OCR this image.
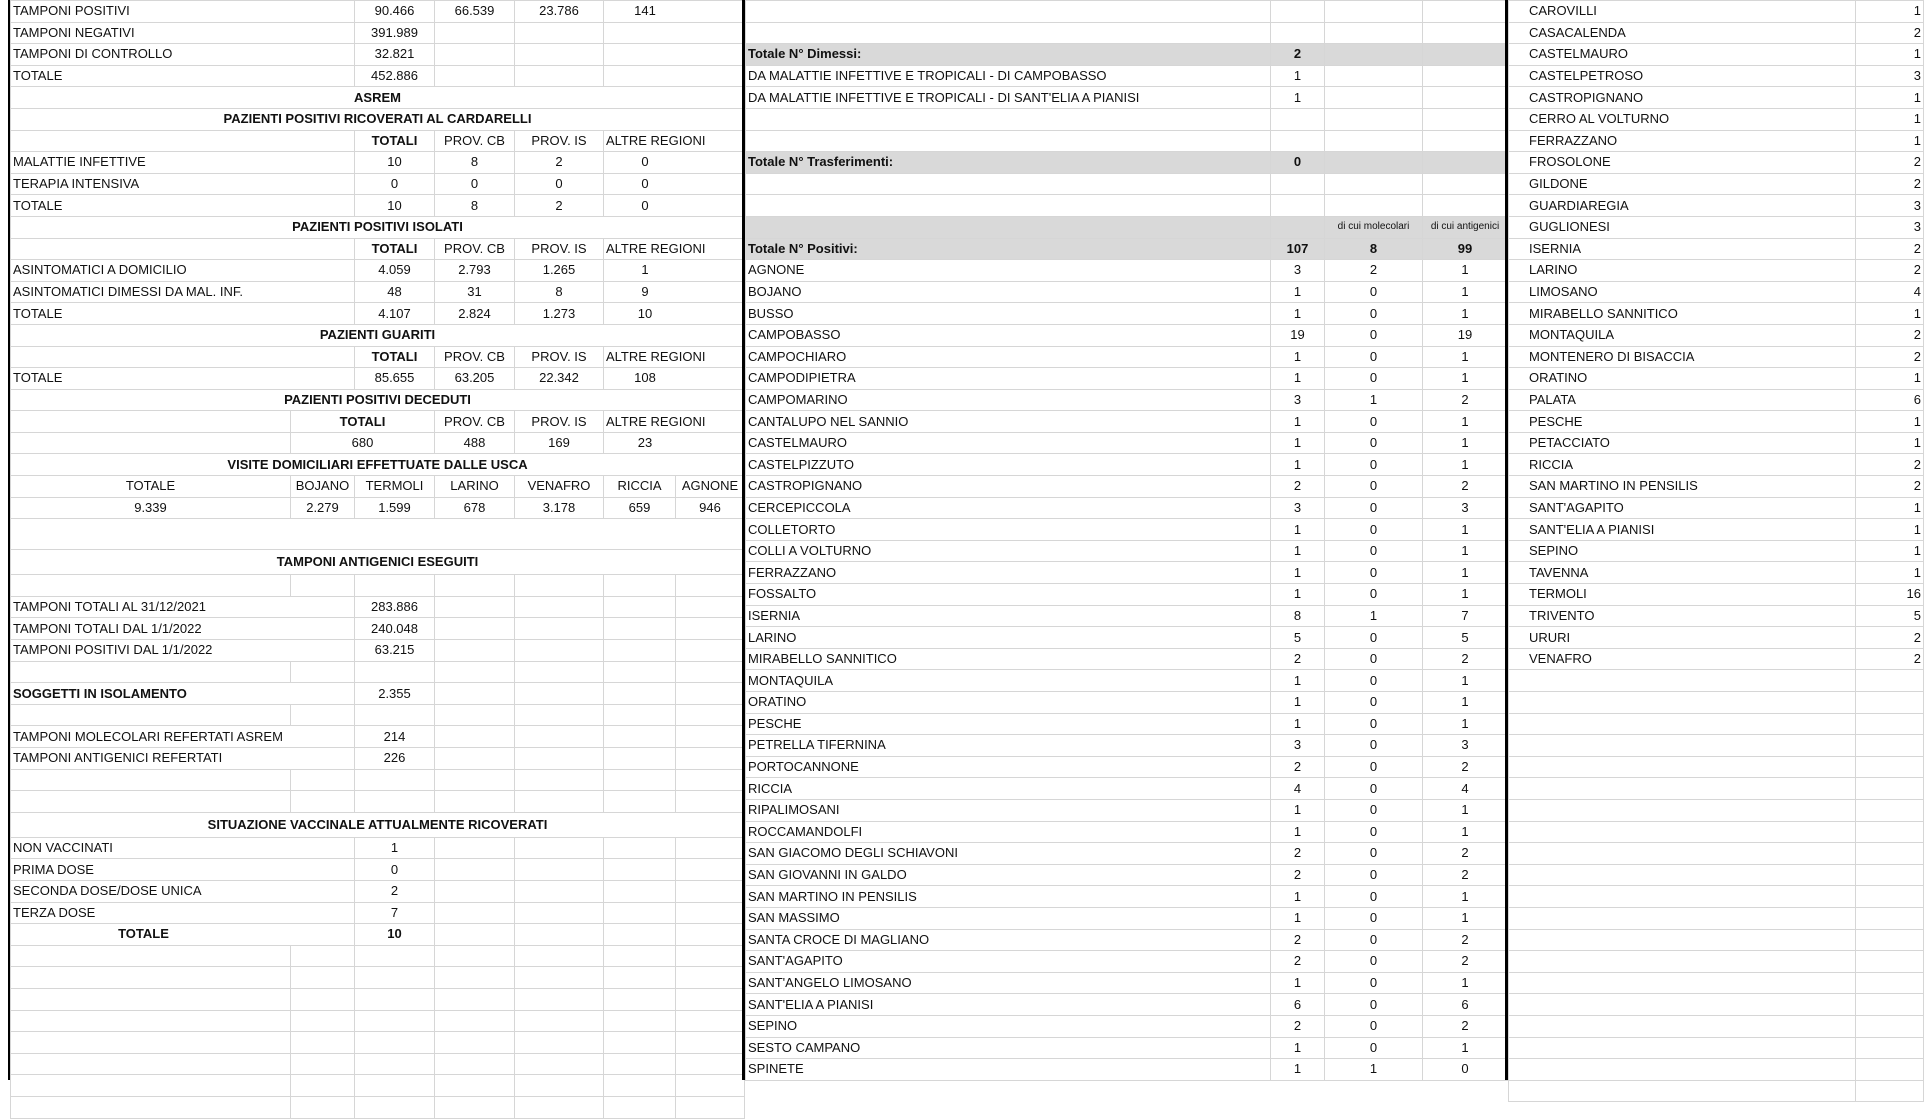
TAMPONI POSITIVI		90.466	66.539	23.786	141	
TAMPONI NEGATIVI		391.989				
TAMPONI DI CONTROLLO		32.821				
TOTALE		452.886				
ASREM						
PAZIENTI POSITIVI RICOVERATI AL CARDARELLI						
		TOTALI	PROV. CB	PROV. IS	ALTRE REGIONI	
MALATTIE INFETTIVE		10	8	2	0	
TERAPIA INTENSIVA		0	0	0	0	
TOTALE		10	8	2	0	
PAZIENTI POSITIVI ISOLATI						
		TOTALI	PROV. CB	PROV. IS	ALTRE REGIONI	
ASINTOMATICI A DOMICILIO		4.059	2.793	1.265	1	
ASINTOMATICI DIMESSI DA MAL. INF.		48	31	8	9	
TOTALE		4.107	2.824	1.273	10	
PAZIENTI GUARITI						
		TOTALI	PROV. CB	PROV. IS	ALTRE REGIONI	
TOTALE		85.655	63.205	22.342	108	
PAZIENTI POSITIVI DECEDUTI						
	TOTALI		PROV. CB	PROV. IS	ALTRE REGIONI	
	680		488	169	23	
VISITE DOMICILIARI EFFETTUATE DALLE USCA						
TOTALE	BOJANO	TERMOLI	LARINO	VENAFRO	RICCIA	AGNONE
9.339	2.279	1.599	678	3.178	659	946

TAMPONI ANTIGENICI ESEGUITI						

TAMPONI TOTALI AL 31/12/2021		283.886				
TAMPONI TOTALI DAL 1/1/2022		240.048				
TAMPONI POSITIVI DAL 1/1/2022		63.215				

SOGGETTI IN ISOLAMENTO		2.355				

TAMPONI MOLECOLARI REFERTATI ASREM		214				
TAMPONI ANTIGENICI REFERTATI		226				

SITUAZIONE VACCINALE ATTUALMENTE RICOVERATI						
NON VACCINATI		1				
PRIMA DOSE		0				
SECONDA DOSE/DOSE UNICA		2				
TERZA DOSE		7				
TOTALE		10				

Totale N° Dimessi:	2		
DA MALATTIE INFETTIVE E TROPICALI - DI CAMPOBASSO	1		
DA MALATTIE INFETTIVE E TROPICALI - DI SANT'ELIA A PIANISI	1		

Totale N° Trasferimenti:	0		

		di cui molecolari	di cui antigenici
Totale N° Positivi:	107	8	99
AGNONE	3	2	1
BOJANO	1	0	1
BUSSO	1	0	1
CAMPOBASSO	19	0	19
CAMPOCHIARO	1	0	1
CAMPODIPIETRA	1	0	1
CAMPOMARINO	3	1	2
CANTALUPO NEL SANNIO	1	0	1
CASTELMAURO	1	0	1
CASTELPIZZUTO	1	0	1
CASTROPIGNANO	2	0	2
CERCEPICCOLA	3	0	3
COLLETORTO	1	0	1
COLLI A VOLTURNO	1	0	1
FERRAZZANO	1	0	1
FOSSALTO	1	0	1
ISERNIA	8	1	7
LARINO	5	0	5
MIRABELLO SANNITICO	2	0	2
MONTAQUILA	1	0	1
ORATINO	1	0	1
PESCHE	1	0	1
PETRELLA TIFERNINA	3	0	3
PORTOCANNONE	2	0	2
RICCIA	4	0	4
RIPALIMOSANI	1	0	1
ROCCAMANDOLFI	1	0	1
SAN GIACOMO DEGLI SCHIAVONI	2	0	2
SAN GIOVANNI IN GALDO	2	0	2
SAN MARTINO IN PENSILIS	1	0	1
SAN MASSIMO	1	0	1
SANTA CROCE DI MAGLIANO	2	0	2
SANT'AGAPITO	2	0	2
SANT'ANGELO LIMOSANO	1	0	1
SANT'ELIA A PIANISI	6	0	6
SEPINO	2	0	2
SESTO CAMPANO	1	0	1
SPINETE	1	1	0
CAROVILLI	1
CASACALENDA	2
CASTELMAURO	1
CASTELPETROSO	3
CASTROPIGNANO	1
CERRO AL VOLTURNO	1
FERRAZZANO	1
FROSOLONE	2
GILDONE	2
GUARDIAREGIA	3
GUGLIONESI	3
ISERNIA	2
LARINO	2
LIMOSANO	4
MIRABELLO SANNITICO	1
MONTAQUILA	2
MONTENERO DI BISACCIA	2
ORATINO	1
PALATA	6
PESCHE	1
PETACCIATO	1
RICCIA	2
SAN MARTINO IN PENSILIS	2
SANT'AGAPITO	1
SANT'ELIA A PIANISI	1
SEPINO	1
TAVENNA	1
TERMOLI	16
TRIVENTO	5
URURI	2
VENAFRO	2
